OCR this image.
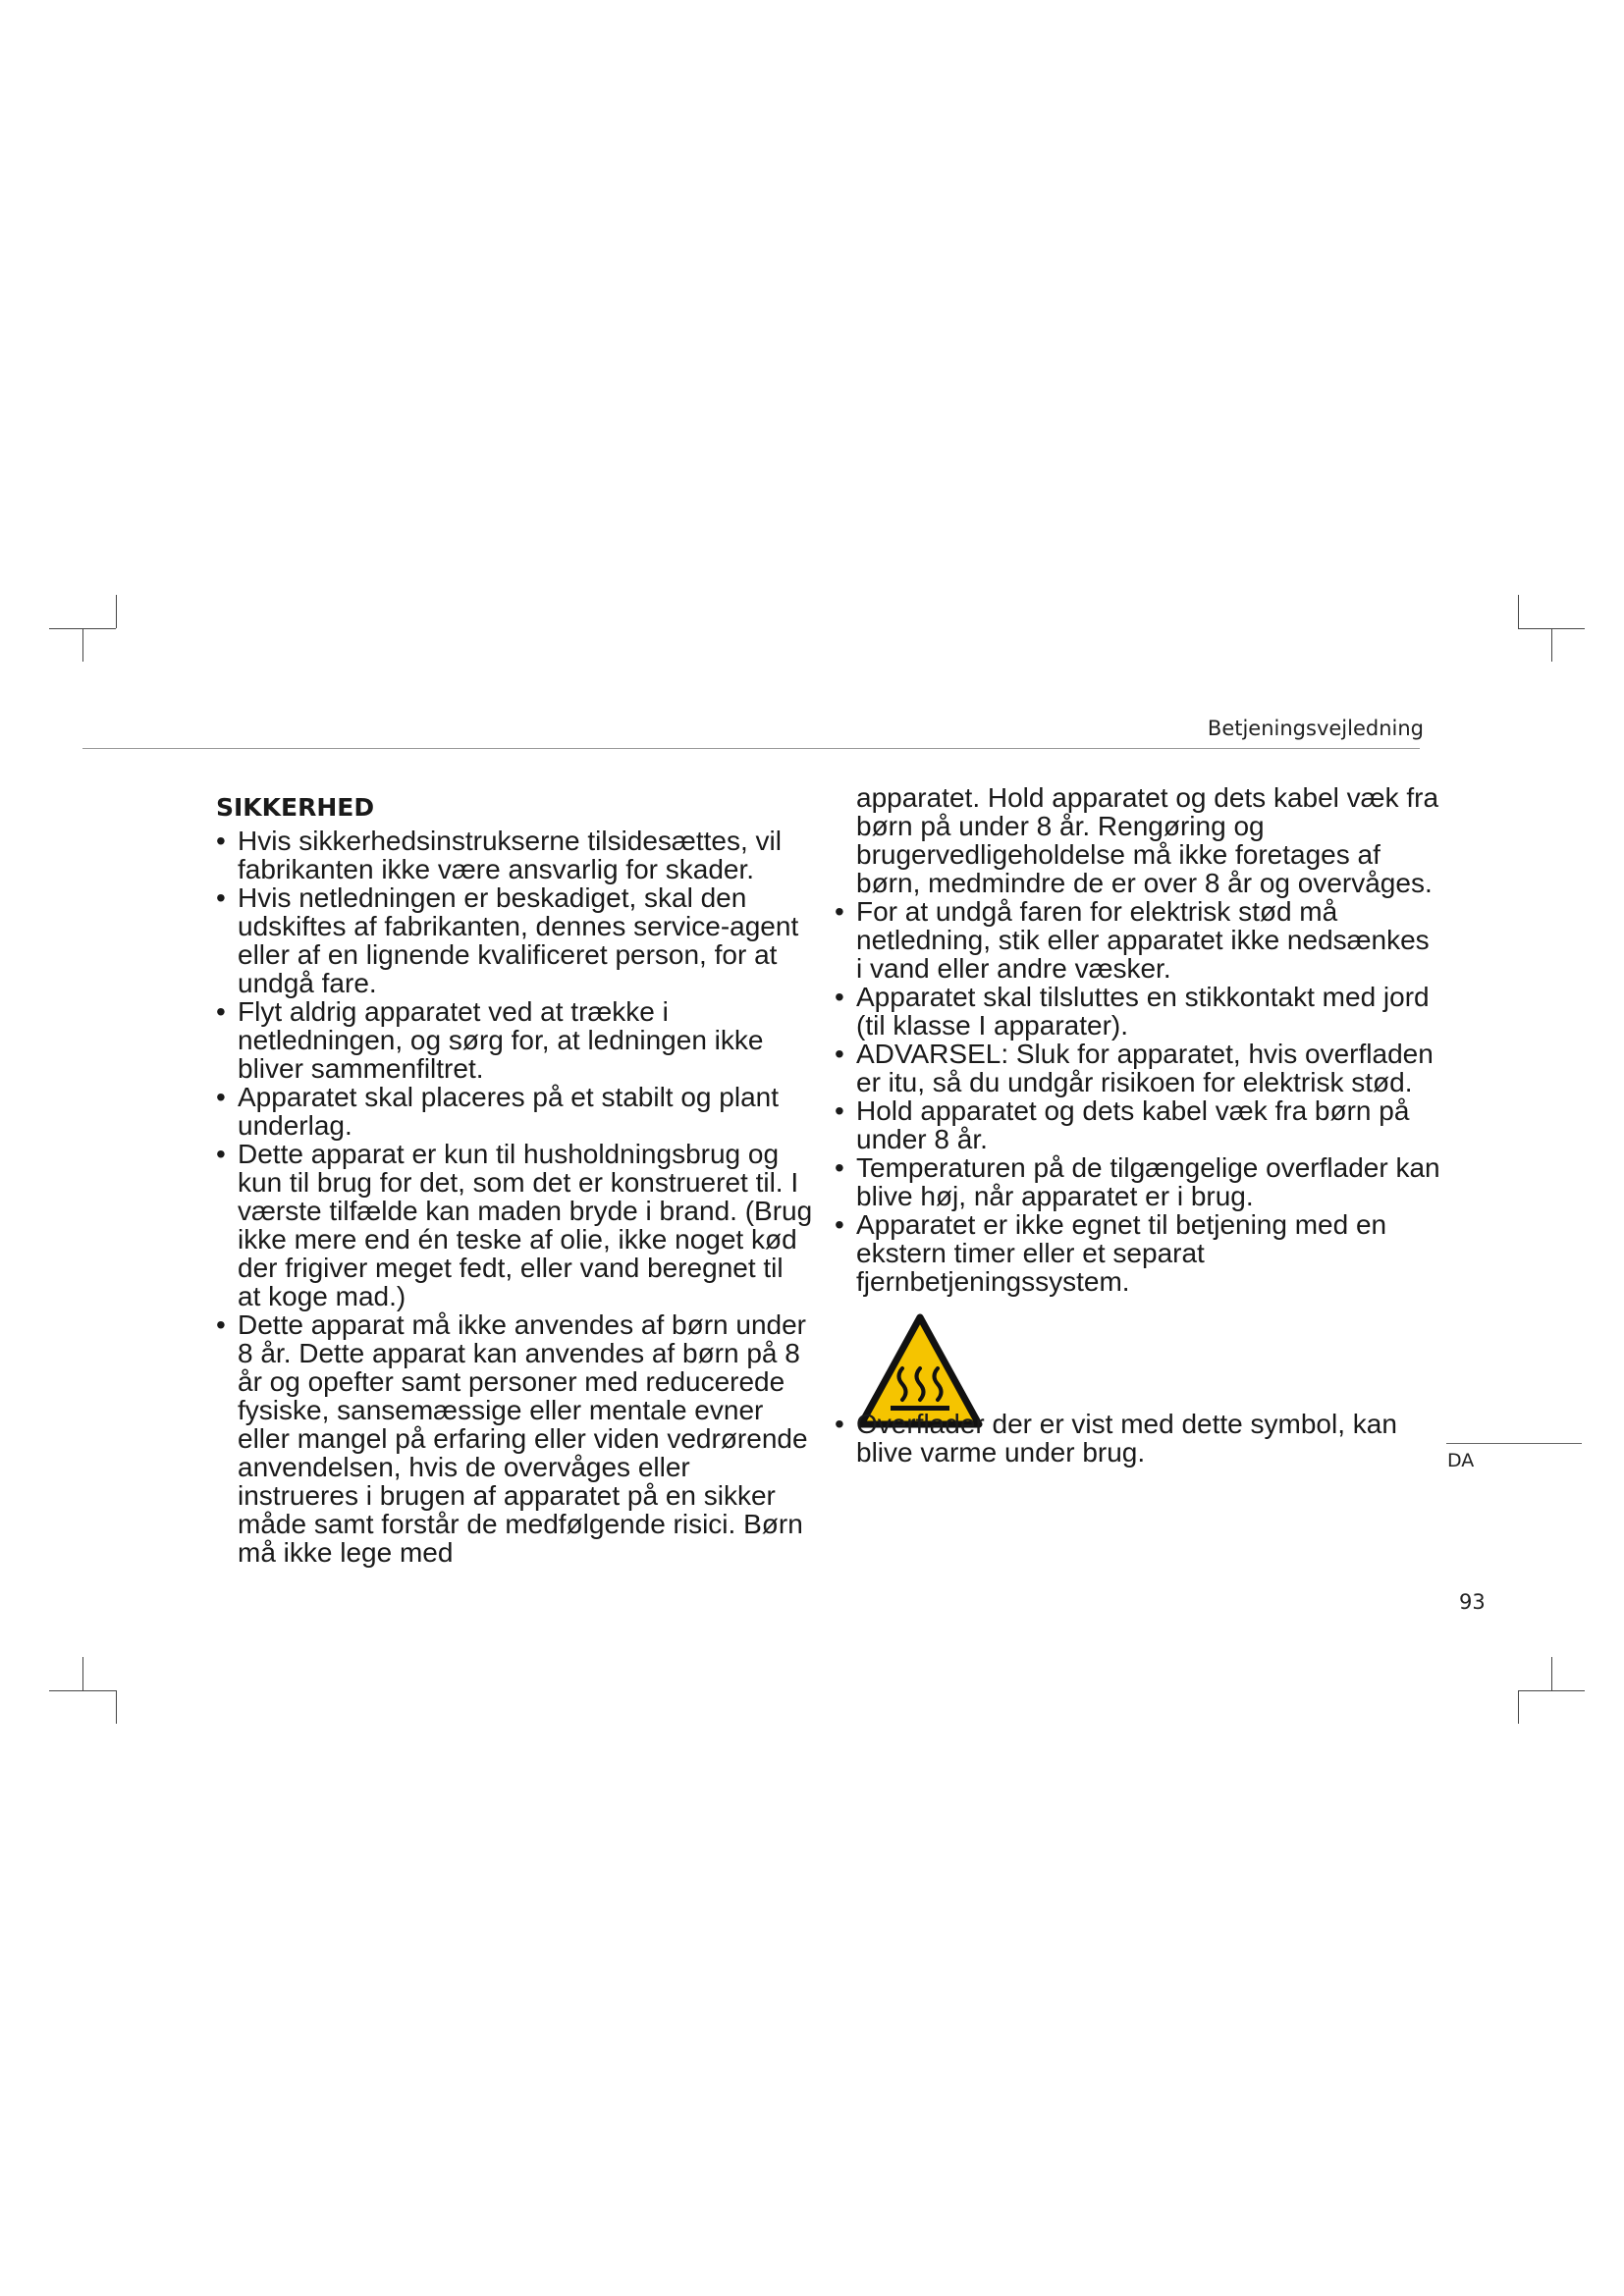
Betjeningsvejledning
SIKKERHED
• Hvis sikkerhedsinstrukserne tilsidesættes, vil fabrikanten ikke være ansvarlig for skader.
• Hvis netledningen er beskadiget, skal den udskiftes af fabrikanten, dennes service-agent eller af en lignende kvalificeret person, for at undgå fare.
• Flyt aldrig apparatet ved at trække i netledningen, og sørg for, at ledningen ikke bliver sammenfiltret.
• Apparatet skal placeres på et stabilt og plant underlag.
• Dette apparat er kun til husholdningsbrug og kun til brug for det, som det er konstrueret til. I værste tilfælde kan maden bryde i brand. (Brug ikke mere end én teske af olie, ikke noget kød der frigiver meget fedt, eller vand beregnet til at koge mad.)
• Dette apparat må ikke anvendes af børn under 8 år. Dette apparat kan anvendes af børn på 8 år og opefter samt personer med reducerede fysiske, sansemæssige eller mentale evner eller mangel på erfaring eller viden vedrørende anvendelsen, hvis de overvåges eller instrueres i brugen af apparatet på en sikker måde samt forstår de medfølgende risici. Børn må ikke lege med

apparatet. Hold apparatet og dets kabel væk fra børn på under 8 år. Rengøring og brugervedligeholdelse må ikke foretages af børn, medmindre de er over 8 år og overvåges.

• For at undgå faren for elektrisk stød må netledning, stik eller apparatet ikke nedsænkes i vand eller andre væsker.
• Apparatet skal tilsluttes en stikkontakt med jord (til klasse I apparater).
• ADVARSEL: Sluk for apparatet, hvis overfladen er itu, så du undgår risikoen for elektrisk stød.
• Hold apparatet og dets kabel væk fra børn på under 8 år.
• Temperaturen på de tilgængelige overflader kan blive høj, når apparatet er i brug.
• Apparatet er ikke egnet til betjening med en ekstern timer eller et separat fjernbetjeningssystem.

• Overflader der er vist med dette symbol, kan blive varme under brug.	DA
93
